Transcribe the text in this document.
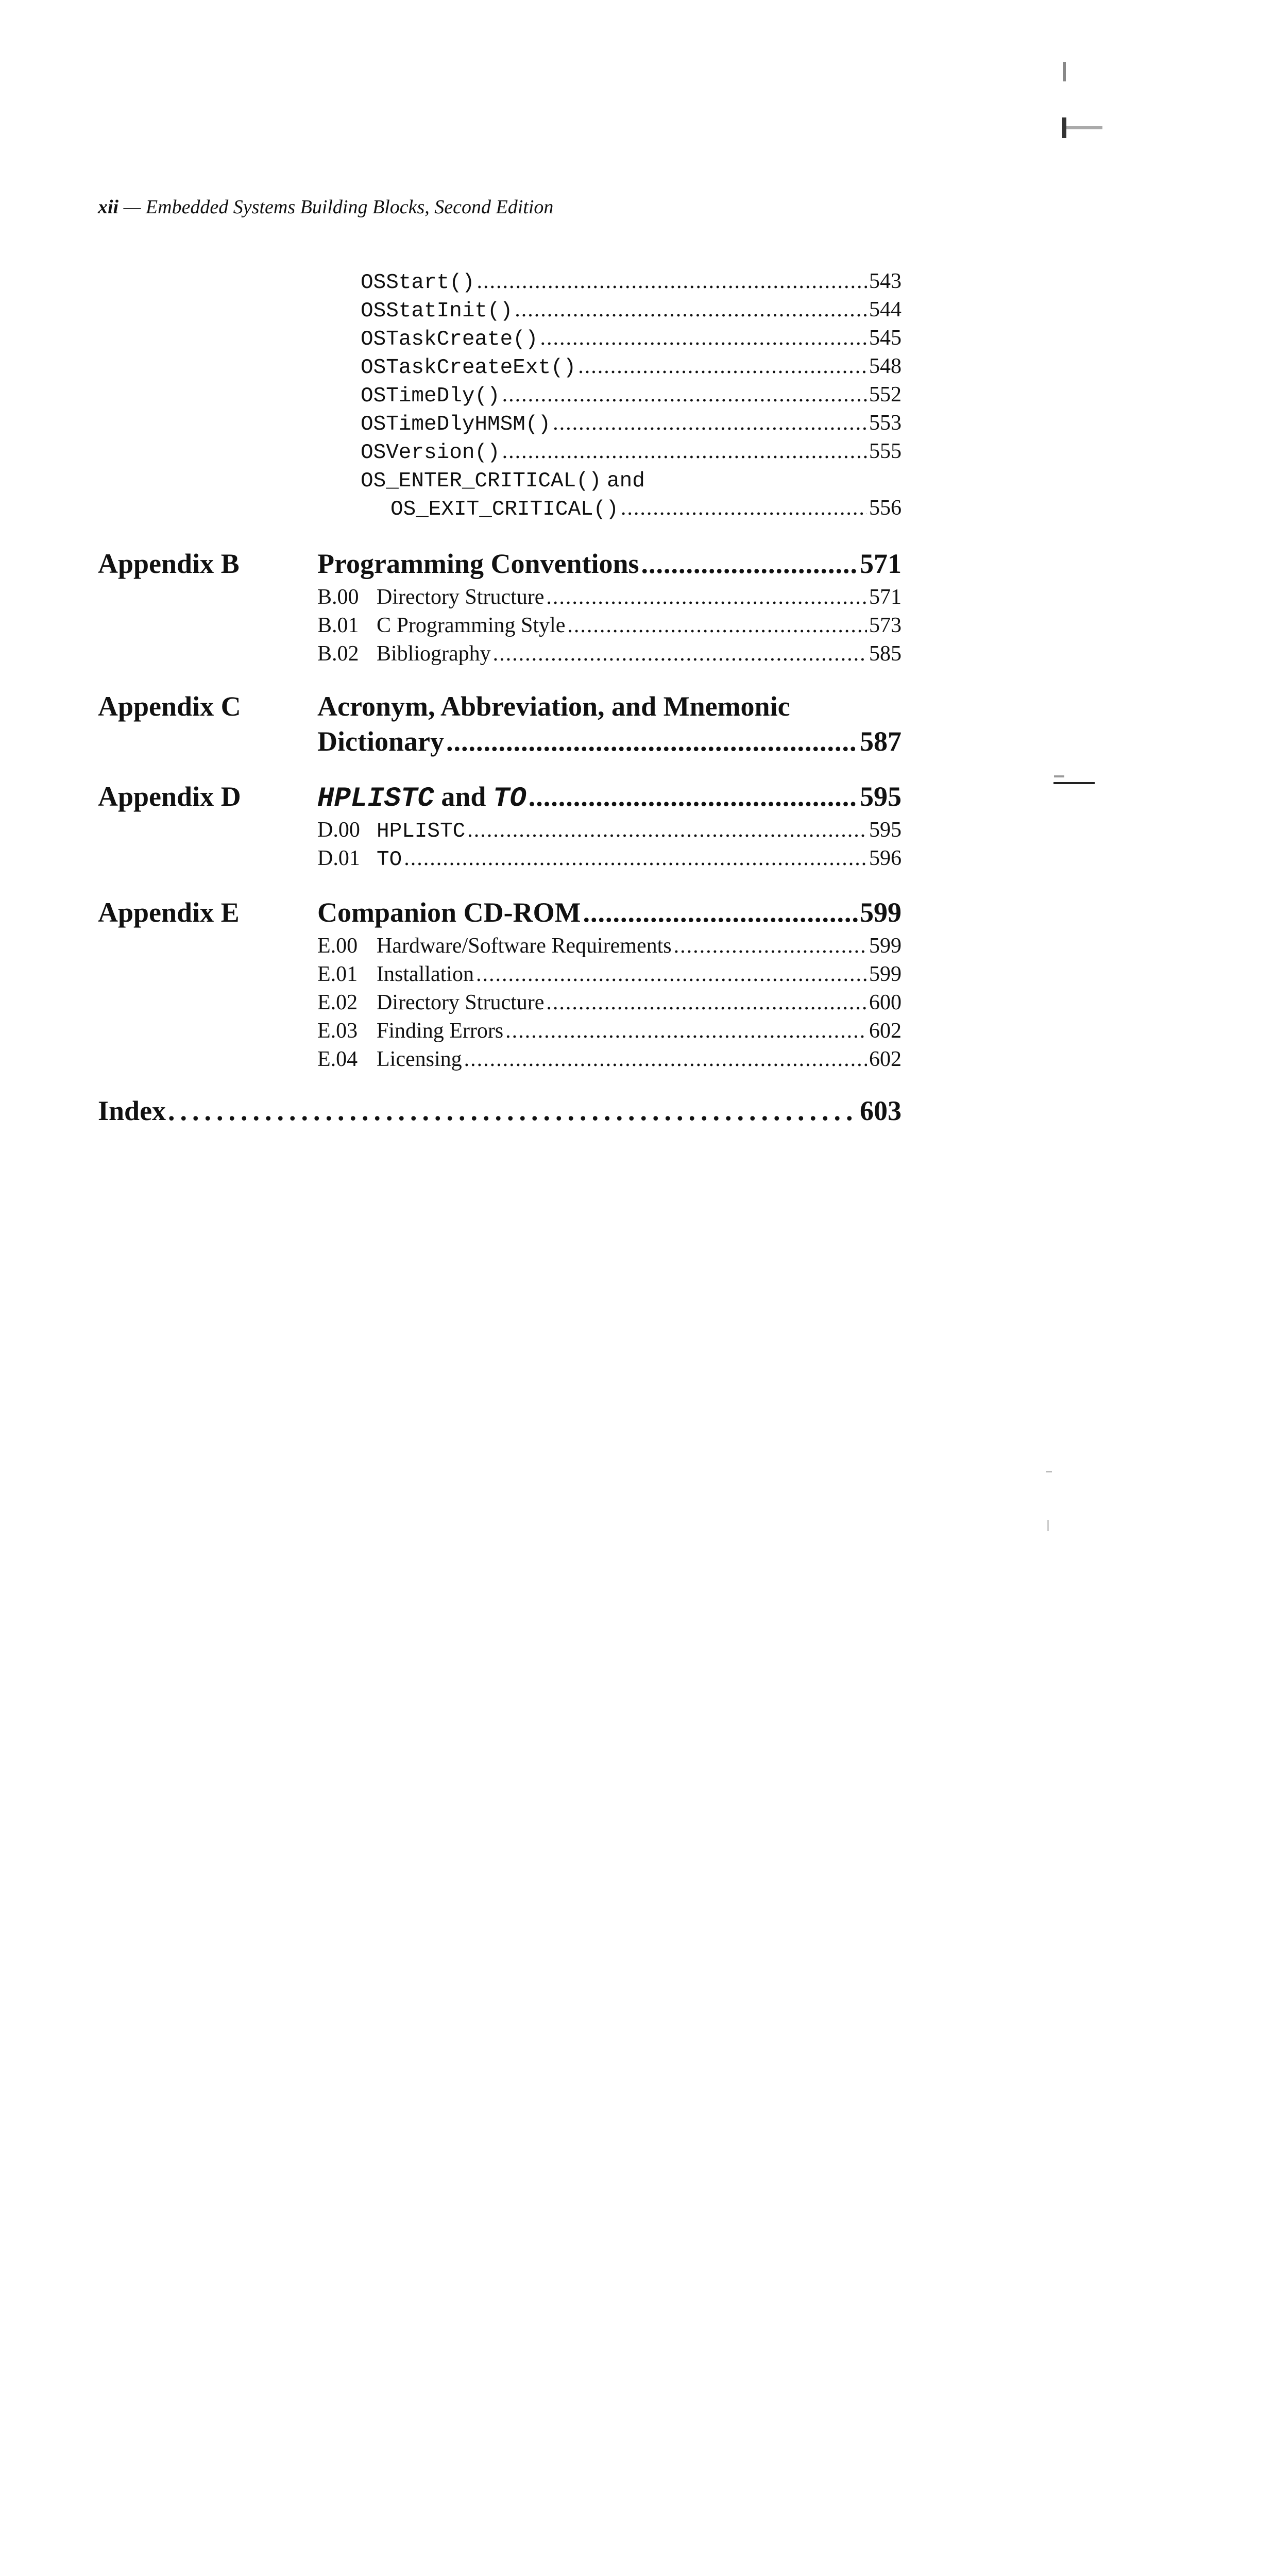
xii — Embedded Systems Building Blocks, Second Edition
OSStart() .....	543
OSStatInit() .....	544
OSTaskCreate() .....	545
OSTaskCreateExt() .....	548
OSTimeDly() .....	552
OSTimeDlyHMSM() .....	553
OSVersion() .....	555
OS_ENTER_CRITICAL() and
OS_EXIT_CRITICAL() .....	556
Appendix B	Programming Conventions .....	571
B.00 Directory Structure .....	571
B.01 C Programming Style .....	573
B.02 Bibliography .....	585
Appendix C	Acronym, Abbreviation, and Mnemonic
Dictionary .....	587
Appendix D	HPLISTC and TO .....	595
D.00 HPLISTC .....	595
D.01 TO .....	596
Appendix E	Companion CD-ROM .....	599
E.00 Hardware/Software Requirements .....	599
E.01 Installation .....	599
E.02 Directory Structure .....	600
E.03 Finding Errors .....	602
E.04 Licensing .....	602
Index .....	603
